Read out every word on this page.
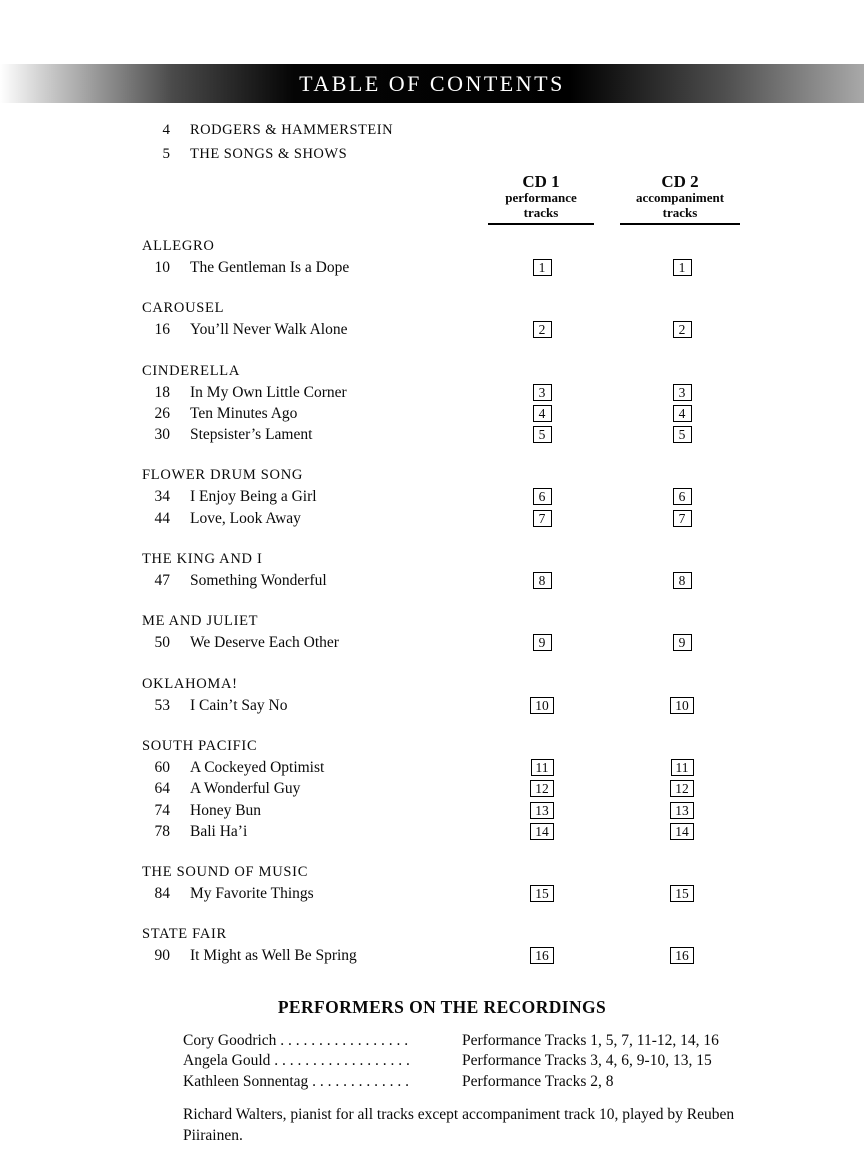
TABLE OF CONTENTS
4 RODGERS & HAMMERSTEIN
5 THE SONGS & SHOWS
CD 1
performance
tracks
CD 2
accompaniment
tracks
ALLEGRO
10 The Gentleman Is a Dope	1	1
CAROUSEL
16 You’ll Never Walk Alone	2	2
CINDERELLA
18 In My Own Little Corner	3	3
26 Ten Minutes Ago	4	4
30 Stepsister’s Lament	5	5
FLOWER DRUM SONG
34 I Enjoy Being a Girl	6	6
44 Love, Look Away	7	7
THE KING AND I
47 Something Wonderful	8	8
ME AND JULIET
50 We Deserve Each Other	9	9
OKLAHOMA!
53 I Cain’t Say No	10	10
SOUTH PACIFIC
60 A Cockeyed Optimist	11	11
64 A Wonderful Guy	12	12
74 Honey Bun	13	13
78 Bali Ha’i	14	14
THE SOUND OF MUSIC
84 My Favorite Things	15	15
STATE FAIR
90 It Might as Well Be Spring	16	16
PERFORMERS ON THE RECORDINGS
Cory Goodrich . . . . . . . . . . . . . . . . .	Performance Tracks 1, 5, 7, 11-12, 14, 16
Angela Gould . . . . . . . . . . . . . . . . . .	Performance Tracks 3, 4, 6, 9-10, 13, 15
Kathleen Sonnentag . . . . . . . . . . . . .	Performance Tracks 2, 8
Richard Walters, pianist for all tracks except accompaniment track 10, played by Reuben Piirainen.
